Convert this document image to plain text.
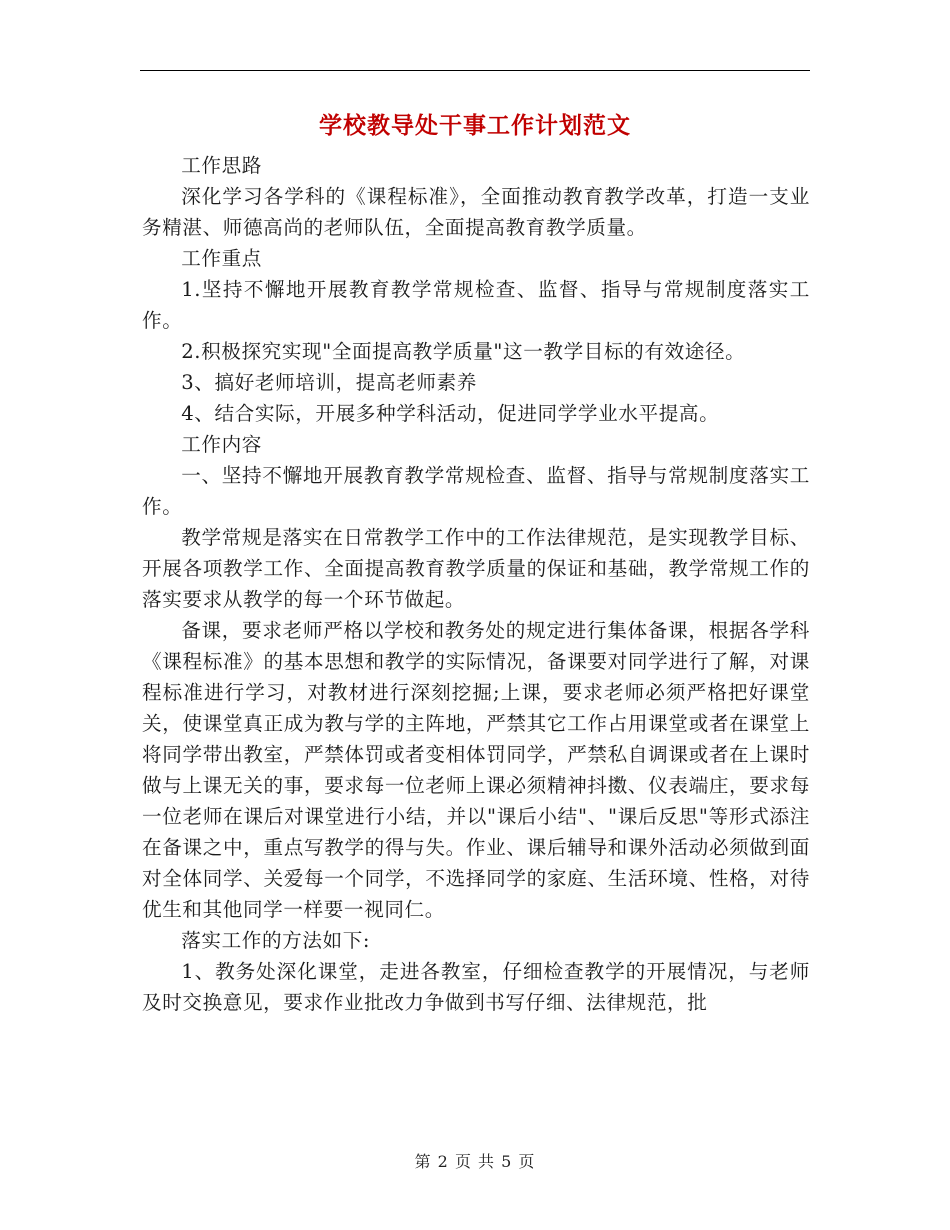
学校教导处干事工作计划范文

工作思路

深化学习各学科的《课程标准》，全面推动教育教学改革，打造一支业务精湛、师德高尚的老师队伍，全面提高教育教学质量。

工作重点

1.坚持不懈地开展教育教学常规检查、监督、指导与常规制度落实工作。

2.积极探究实现"全面提高教学质量"这一教学目标的有效途径。

3、搞好老师培训，提高老师素养

4、结合实际，开展多种学科活动，促进同学学业水平提高。

工作内容

一、坚持不懈地开展教育教学常规检查、监督、指导与常规制度落实工作。

教学常规是落实在日常教学工作中的工作法律规范，是实现教学目标、开展各项教学工作、全面提高教育教学质量的保证和基础，教学常规工作的落实要求从教学的每一个环节做起。

备课，要求老师严格以学校和教务处的规定进行集体备课，根据各学科《课程标准》的基本思想和教学的实际情况，备课要对同学进行了解，对课程标准进行学习，对教材进行深刻挖掘;上课，要求老师必须严格把好课堂关，使课堂真正成为教与学的主阵地，严禁其它工作占用课堂或者在课堂上将同学带出教室，严禁体罚或者变相体罚同学，严禁私自调课或者在上课时做与上课无关的事，要求每一位老师上课必须精神抖擞、仪表端庄，要求每一位老师在课后对课堂进行小结，并以"课后小结"、"课后反思"等形式添注在备课之中，重点写教学的得与失。作业、课后辅导和课外活动必须做到面对全体同学、关爱每一个同学，不选择同学的家庭、生活环境、性格，对待优生和其他同学一样要一视同仁。

落实工作的方法如下:

1、教务处深化课堂，走进各教室，仔细检查教学的开展情况，与老师及时交换意见，要求作业批改力争做到书写仔细、法律规范，批

第 2 页 共 5 页
